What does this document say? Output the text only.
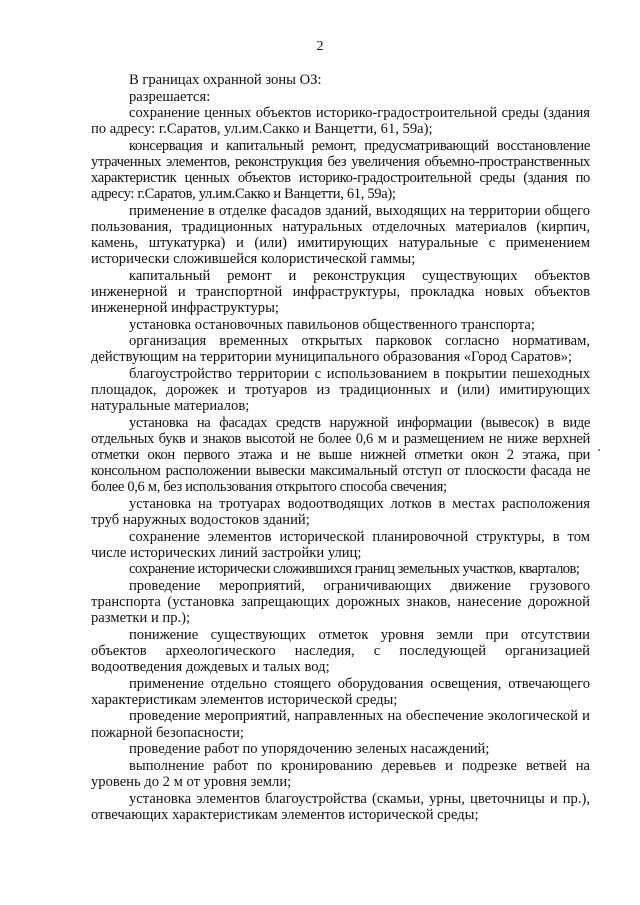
2

В границах охранной зоны ОЗ:

разрешается:

сохранение ценных объектов историко-градостроительной среды (здания по адресу: г.Саратов, ул.им.Сакко и Ванцетти, 61, 59а);

консервация и капитальный ремонт, предусматривающий восстановление утраченных элементов, реконструкция без увеличения объемно-пространственных характеристик ценных объектов историко-градостроительной среды (здания по адресу: г.Саратов, ул.им.Сакко и Ванцетти, 61, 59а);

применение в отделке фасадов зданий, выходящих на территории общего пользования, традиционных натуральных отделочных материалов (кирпич, камень, штукатурка) и (или) имитирующих натуральные с применением исторически сложившейся колористической гаммы;

капитальный ремонт и реконструкция существующих объектов инженерной и транспортной инфраструктуры, прокладка новых объектов инженерной инфраструктуры;

установка остановочных павильонов общественного транспорта;

организация временных открытых парковок согласно нормативам, действующим на территории муниципального образования «Город Саратов»;

благоустройство территории с использованием в покрытии пешеходных площадок, дорожек и тротуаров из традиционных и (или) имитирующих натуральные материалов;

установка на фасадах средств наружной информации (вывесок) в виде отдельных букв и знаков высотой не более 0,6 м и размещением не ниже верхней отметки окон первого этажа и не выше нижней отметки окон 2 этажа, при консольном расположении вывески максимальный отступ от плоскости фасада не более 0,6 м, без использования открытого способа свечения;

установка на тротуарах водоотводящих лотков в местах расположения труб наружных водостоков зданий;

сохранение элементов исторической планировочной структуры, в том числе исторических линий застройки улиц;

сохранение исторически сложившихся границ земельных участков, кварталов;

проведение мероприятий, ограничивающих движение грузового транспорта (установка запрещающих дорожных знаков, нанесение дорожной разметки и пр.);

понижение существующих отметок уровня земли при отсутствии объектов археологического наследия, с последующей организацией водоотведения дождевых и талых вод;

применение отдельно стоящего оборудования освещения, отвечающего характеристикам элементов исторической среды;

проведение мероприятий, направленных на обеспечение экологической и пожарной безопасности;

проведение работ по упорядочению зеленых насаждений;

выполнение работ по кронированию деревьев и подрезке ветвей на уровень до 2 м от уровня земли;

установка элементов благоустройства (скамьи, урны, цветочницы и пр.), отвечающих характеристикам элементов исторической среды;
